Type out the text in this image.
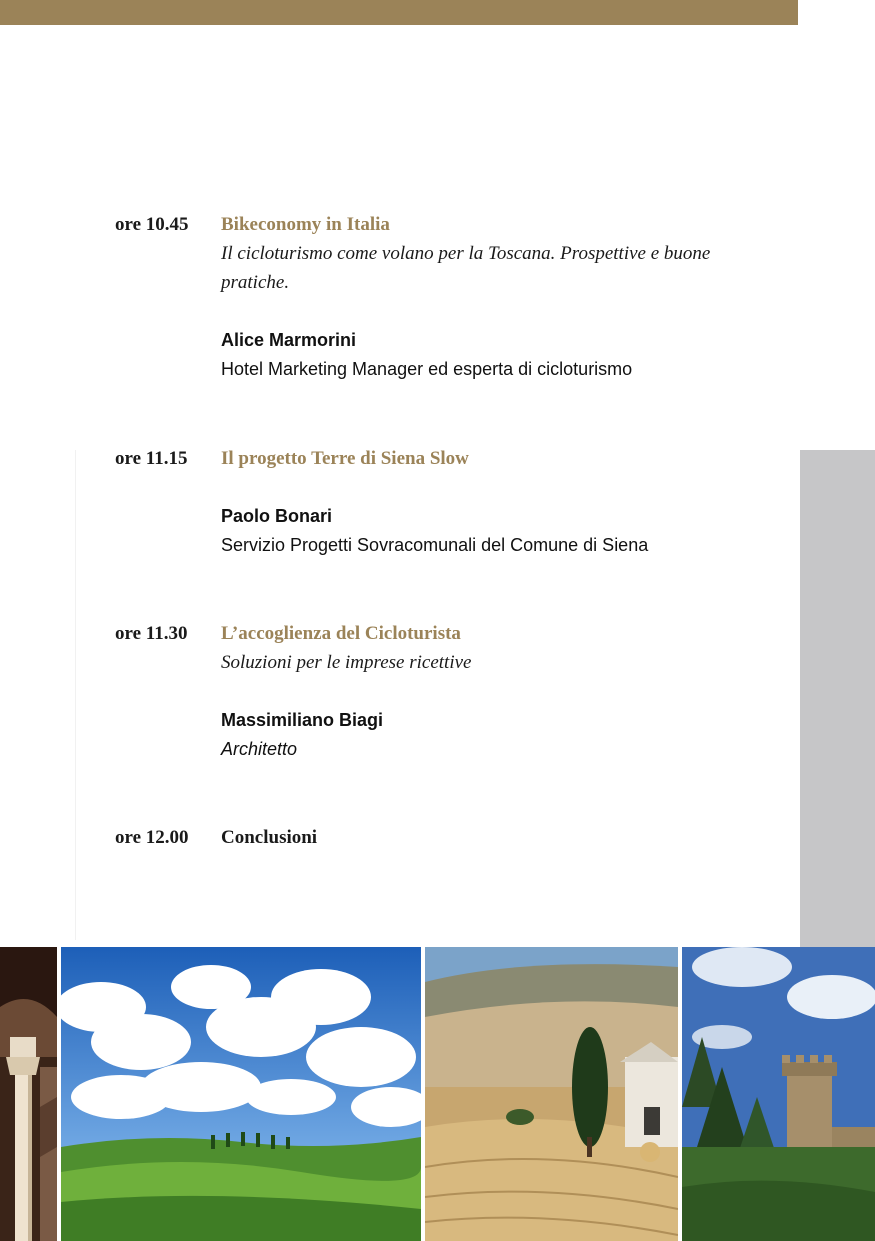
ore 10.45	Bikeconomy in Italia
Il cicloturismo come volano per la Toscana. Prospettive e buone pratiche.
Alice Marmorini
Hotel Marketing Manager ed esperta di cicloturismo
ore 11.15	Il progetto Terre di Siena Slow
Paolo Bonari
Servizio Progetti Sovracomunali del Comune di Siena
ore 11.30	L’accoglienza del Cicloturista
Soluzioni per le imprese ricettive
Massimiliano Biagi
Architetto
ore 12.00	Conclusioni
